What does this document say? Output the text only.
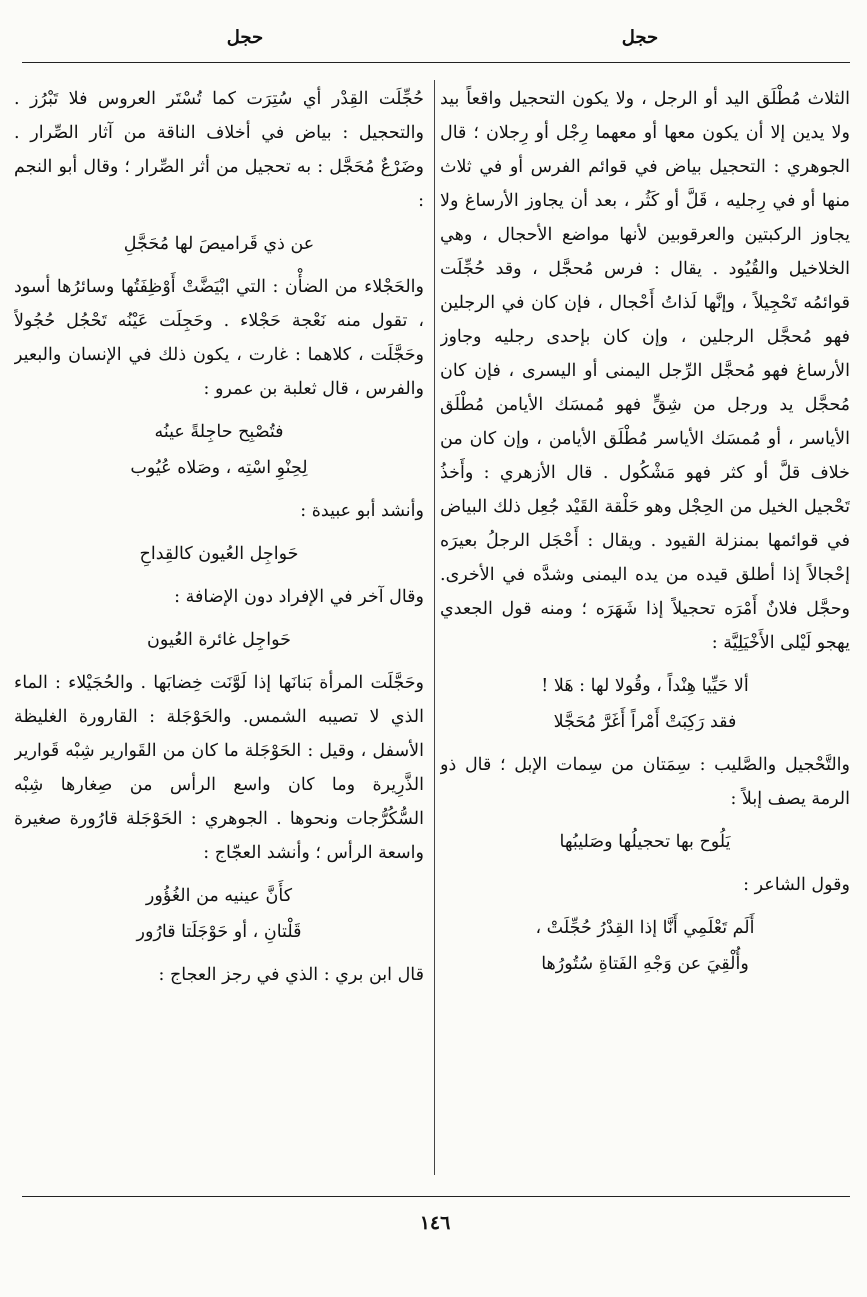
حجل
حجل

الثلاث مُطْلَق اليد أو الرجل ، ولا يكون التحجيل واقعاً بيد ولا يدين إلا أن يكون معها أو معهما رِجْل أو رِجلان ؛ قال الجوهري : التحجيل بياض في قوائم الفرس أو في ثلاث منها أو في رِجليه ، قَلَّ أو كَثُر ، بعد أن يجاوز الأرساغ ولا يجاوز الركبتين والعرقوبين لأنها مواضع الأحجال ، وهي الخلاخيل والقُيُود . يقال : فرس مُحجَّل ، وقد حُجِّلَت قوائمُه تَحْجِيلاً ، وإنَّها لَذاتُ أَحْجال ، فإن كان في الرجلين فهو مُحجَّل الرجلين ، وإن كان بإحدى رجليه وجاوز الأرساغ فهو مُحجَّل الرِّجل اليمنى أو اليسرى ، فإن كان مُحجَّل يد ورجل من شِقٍّ فهو مُمسَك الأيامن مُطْلَق الأياسر ، أو مُمسَك الأياسر مُطْلَق الأيامن ، وإن كان من خلاف قلَّ أو كثر فهو مَشْكُول . قال الأزهري : وأَخذُ تَحْجيل الخيل من الحِجْل وهو حَلْقة القَيْد جُعِل ذلك البياض في قوائمها بمنزلة القيود . ويقال : أَحْجَل الرجلُ بعيرَه إحْجالاً إذا أطلق قيده من يده اليمنى وشدَّه في الأخرى. وحجَّل فلانٌ أَمْرَه تحجيلاً إذا شَهَرَه ؛ ومنه قول الجعدي يهجو لَيْلى الأَخْيَلِيَّة :

ألا حَيِّيا هِنْداً ، وقُولا لها : هَلا !
فقد رَكِبَتْ أَمْراً أَغَرَّ مُحَجَّلا

والتَّحْجيل والصَّليب : سِمَتان من سِمات الإبل ؛ قال ذو الرمة يصف إبلاً :

يَلُوح بها تحجيلُها وصَليبُها

وقول الشاعر :

أَلَم تَعْلَمِي أَنَّا إذا القِدْرُ حُجِّلَتْ ،
وأُلْقِيَ عن وَجْهِ الفَتاةِ سُتُورُها

حُجِّلَت القِدْر أي سُتِرَت كما تُسْتَر العروس فلا تَبْرُز . والتحجيل : بياض في أخلاف الناقة من آثار الصِّرار . وضَرْعٌ مُحَجَّل : به تحجيل من أثر الصِّرار ؛ وقال أبو النجم :

عن ذي قَراميصَ لها مُحَجَّلِ

والحَجْلاء من الضأْن : التي ابْيَضَّتْ أَوْظِفَتُها وسائرُها أسود ، تقول منه نَعْجة حَجْلاء . وحَجِلَت عَيْنُه تَحْجُل حُجُولاً وحَجَّلَت ، كلاهما : غارت ، يكون ذلك في الإنسان والبعير والفرس ، قال ثعلبة بن عمرو :

فتُصْبِح حاجِلةً عينُه
لِحِنْوِ اسْتِه ، وصَلاه عُيُوب

وأنشد أبو عبيدة :

حَواجِل العُيون كالقِداحِ

وقال آخر في الإفراد دون الإضافة :

حَواجِل غائرة العُيون

وحَجَّلَت المرأة بَنانَها إذا لَوَّنَت خِضابَها . والحُجَيْلاء : الماء الذي لا تصيبه الشمس. والحَوْجَلة : القارورة الغليظة الأسفل ، وقيل : الحَوْجَلة ما كان من القَوارير شِبْه قَوارير الذَّرِيرة وما كان واسع الرأس من صِغارها شِبْه السُّكُرُّجات ونحوها . الجوهري : الحَوْجَلة قارُورة صغيرة واسعة الرأس ؛ وأنشد العجّاج :

كأَنَّ عينيه من الغُؤُور
قَلْتانِ ، أو حَوْجَلَتا قارُور

قال ابن بري : الذي في رجز العجاج :

١٤٦
